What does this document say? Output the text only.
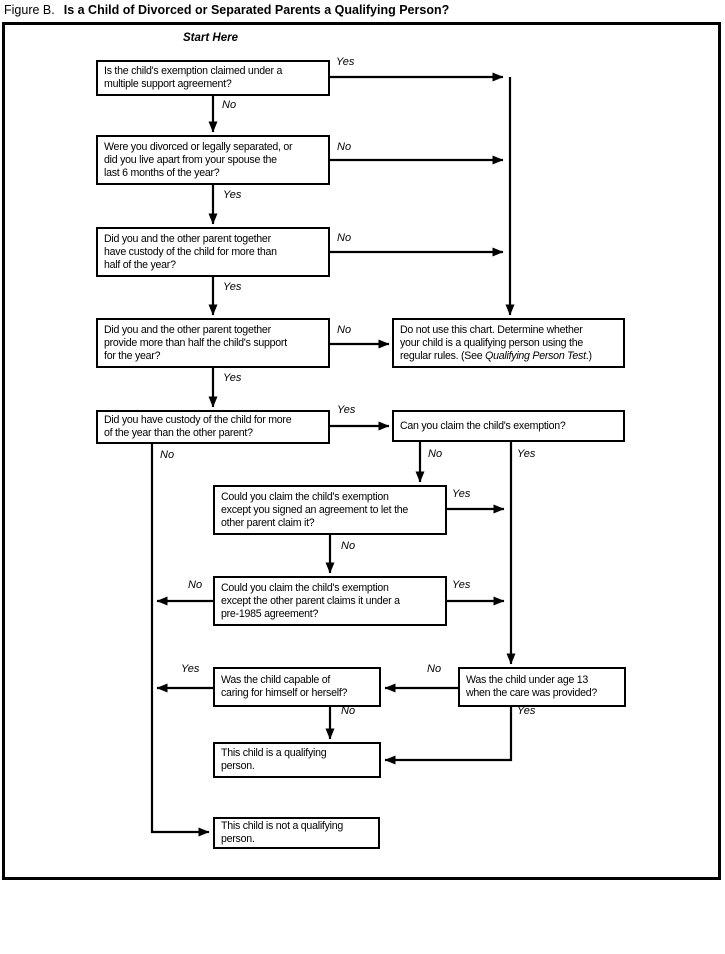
Figure B. Is a Child of Divorced or Separated Parents a Qualifying Person?
Start Here
Is the child's exemption claimed under a
multiple support agreement?
Were you divorced or legally separated, or
did you live apart from your spouse the
last 6 months of the year?
Did you and the other parent together
have custody of the child for more than
half of the year?
Did you and the other parent together
provide more than half the child's support
for the year?
Do not use this chart. Determine whether
your child is a qualifying person using the
regular rules. (See Qualifying Person Test.)
Did you have custody of the child for more
of the year than the other parent?
Can you claim the child's exemption?
Could you claim the child's exemption
except you signed an agreement to let the
other parent claim it?
Could you claim the child's exemption
except the other parent claims it under a
pre-1985 agreement?
Was the child capable of
caring for himself or herself?
Was the child under age 13
when the care was provided?
This child is a qualifying
person.
This child is not a qualifying
person.
Yes
No
No
Yes
No
Yes
No
Yes
Yes
No	No	Yes
Yes
No
No	Yes
No
Yes
No	Yes
